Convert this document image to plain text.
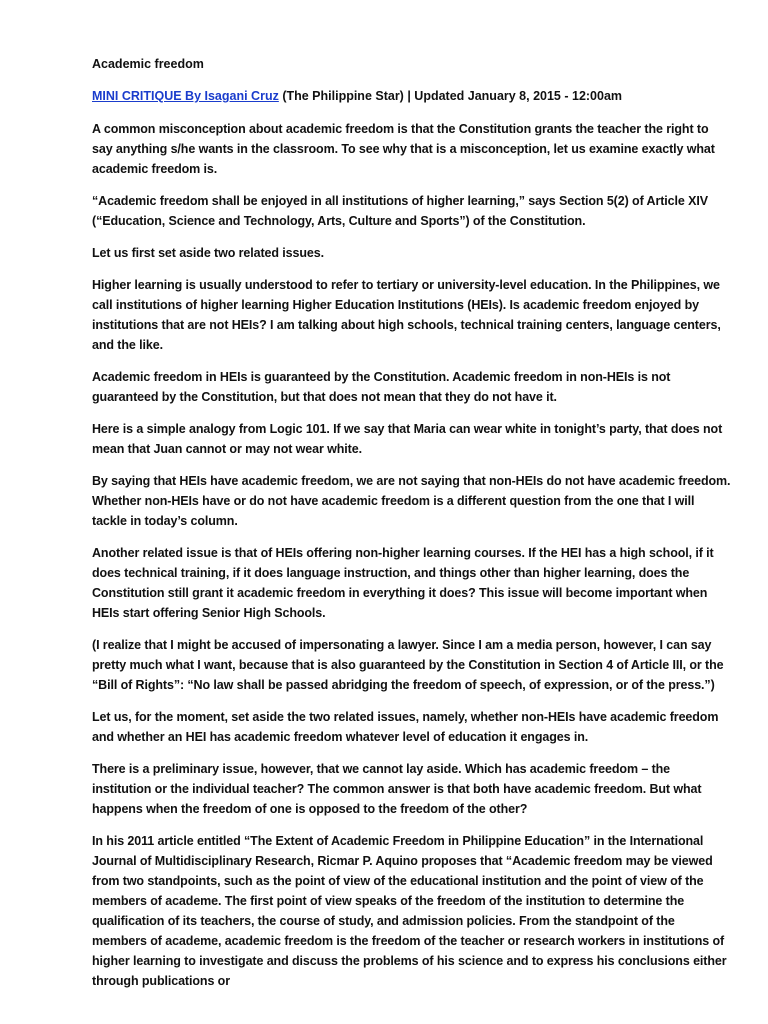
Academic freedom
MINI CRITIQUE By Isagani Cruz (The Philippine Star) | Updated January 8, 2015 - 12:00am

A common misconception about academic freedom is that the Constitution grants the teacher the right to say anything s/he wants in the classroom. To see why that is a misconception, let us examine exactly what academic freedom is.

“Academic freedom shall be enjoyed in all institutions of higher learning,” says Section 5(2) of Article XIV (“Education, Science and Technology, Arts, Culture and Sports”) of the Constitution.

Let us first set aside two related issues.

Higher learning is usually understood to refer to tertiary or university-level education. In the Philippines, we call institutions of higher learning Higher Education Institutions (HEIs). Is academic freedom enjoyed by institutions that are not HEIs? I am talking about high schools, technical training centers, language centers, and the like.

Academic freedom in HEIs is guaranteed by the Constitution. Academic freedom in non-HEIs is not guaranteed by the Constitution, but that does not mean that they do not have it.

Here is a simple analogy from Logic 101. If we say that Maria can wear white in tonight’s party, that does not mean that Juan cannot or may not wear white.

By saying that HEIs have academic freedom, we are not saying that non-HEIs do not have academic freedom. Whether non-HEIs have or do not have academic freedom is a different question from the one that I will tackle in today’s column.

Another related issue is that of HEIs offering non-higher learning courses. If the HEI has a high school, if it does technical training, if it does language instruction, and things other than higher learning, does the Constitution still grant it academic freedom in everything it does? This issue will become important when HEIs start offering Senior High Schools.

(I realize that I might be accused of impersonating a lawyer. Since I am a media person, however, I can say pretty much what I want, because that is also guaranteed by the Constitution in Section 4 of Article III, or the “Bill of Rights”: “No law shall be passed abridging the freedom of speech, of expression, or of the press.”)

Let us, for the moment, set aside the two related issues, namely, whether non-HEIs have academic freedom and whether an HEI has academic freedom whatever level of education it engages in.

There is a preliminary issue, however, that we cannot lay aside. Which has academic freedom – the institution or the individual teacher? The common answer is that both have academic freedom. But what happens when the freedom of one is opposed to the freedom of the other?

In his 2011 article entitled “The Extent of Academic Freedom in Philippine Education” in the International Journal of Multidisciplinary Research, Ricmar P. Aquino proposes that “Academic freedom may be viewed from two standpoints, such as the point of view of the educational institution and the point of view of the members of academe. The first point of view speaks of the freedom of the institution to determine the qualification of its teachers, the course of study, and admission policies. From the standpoint of the members of academe, academic freedom is the freedom of the teacher or research workers in institutions of higher learning to investigate and discuss the problems of his science and to express his conclusions either through publications or
